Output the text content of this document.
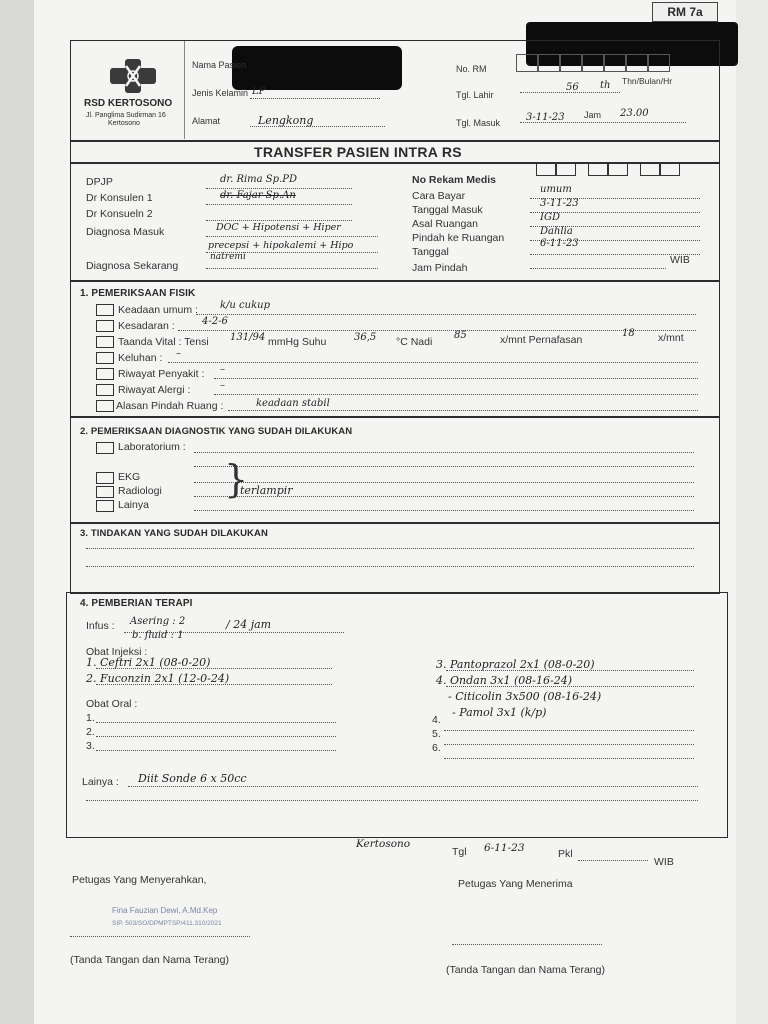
RM 7a
RSD KERTOSONO
Jl. Panglima Sudirman 16
Kertosono
Nama Pasien
Jenis Kelamin LP
Alamat	Lengkong
No. RM
Tgl. Lahir
56 th Thn/Bulan/Hr
Tgl. Masuk	3-11-23 Jam 23.00
TRANSFER PASIEN INTRA RS
DPJP	dr. Rima Sp.PD
Dr Konsulen 1	dr. Fajar Sp.An
Dr Konsueln 2
Diagnosa Masuk	DOC + Hipotensi + Hiper
precepsi + hipokalemi + Hipo
natremi
Diagnosa Sekarang
No Rekam Medis
Cara Bayar
umum
Tanggal Masuk
3-11-23
Asal Ruangan
IGD
Pindah ke Ruangan
Dahlia
Tanggal
6-11-23
Jam Pindah
WIB
1. PEMERIKSAAN FISIK
Keadaan umum : k/u cukup
Kesadaran :	4-2-6
Taanda Vital : Tensi 131/94 mmHg Suhu	36,5 °C Nadi
85	x/mnt Pernafasan
18 x/mnt
Keluhan : –
Riwayat Penyakit : –
Riwayat Alergi :	–
Alasan Pindah Ruang :	keadaan stabil
2. PEMERIKSAAN DIAGNOSTIK YANG SUDAH DILAKUKAN
Laboratorium :
EKG
Radiologi
Lainya
}
terlampir
3. TINDAKAN YANG SUDAH DILAKUKAN
4. PEMBERIAN TERAPI
Infus : Asering : 2
b. fluid : 1
/ 24 jam
Obat Injeksi :
1. Ceftri 2x1 (08-0-20)
2. Fuconzin 2x1 (12-0-24)
3. Pantoprazol 2x1 (08-0-20)
4. Ondan 3x1 (08-16-24)
- Citicolin 3x500 (08-16-24)
- Pamol 3x1 (k/p)
Obat Oral :
1.
2.
3.
4.
5.
6.
Lainya : Diit Sonde 6 x 50cc
Kertosono
Tgl 6-11-23	Pkl
WIB
Petugas Yang Menyerahkan,	Petugas Yang Menerima
Fina Fauzian Dewi, A.Md.Kep
SIP. 503/SO/DPMPTSP/411.310/2021
(Tanda Tangan dan Nama Terang)
(Tanda Tangan dan Nama Terang)
